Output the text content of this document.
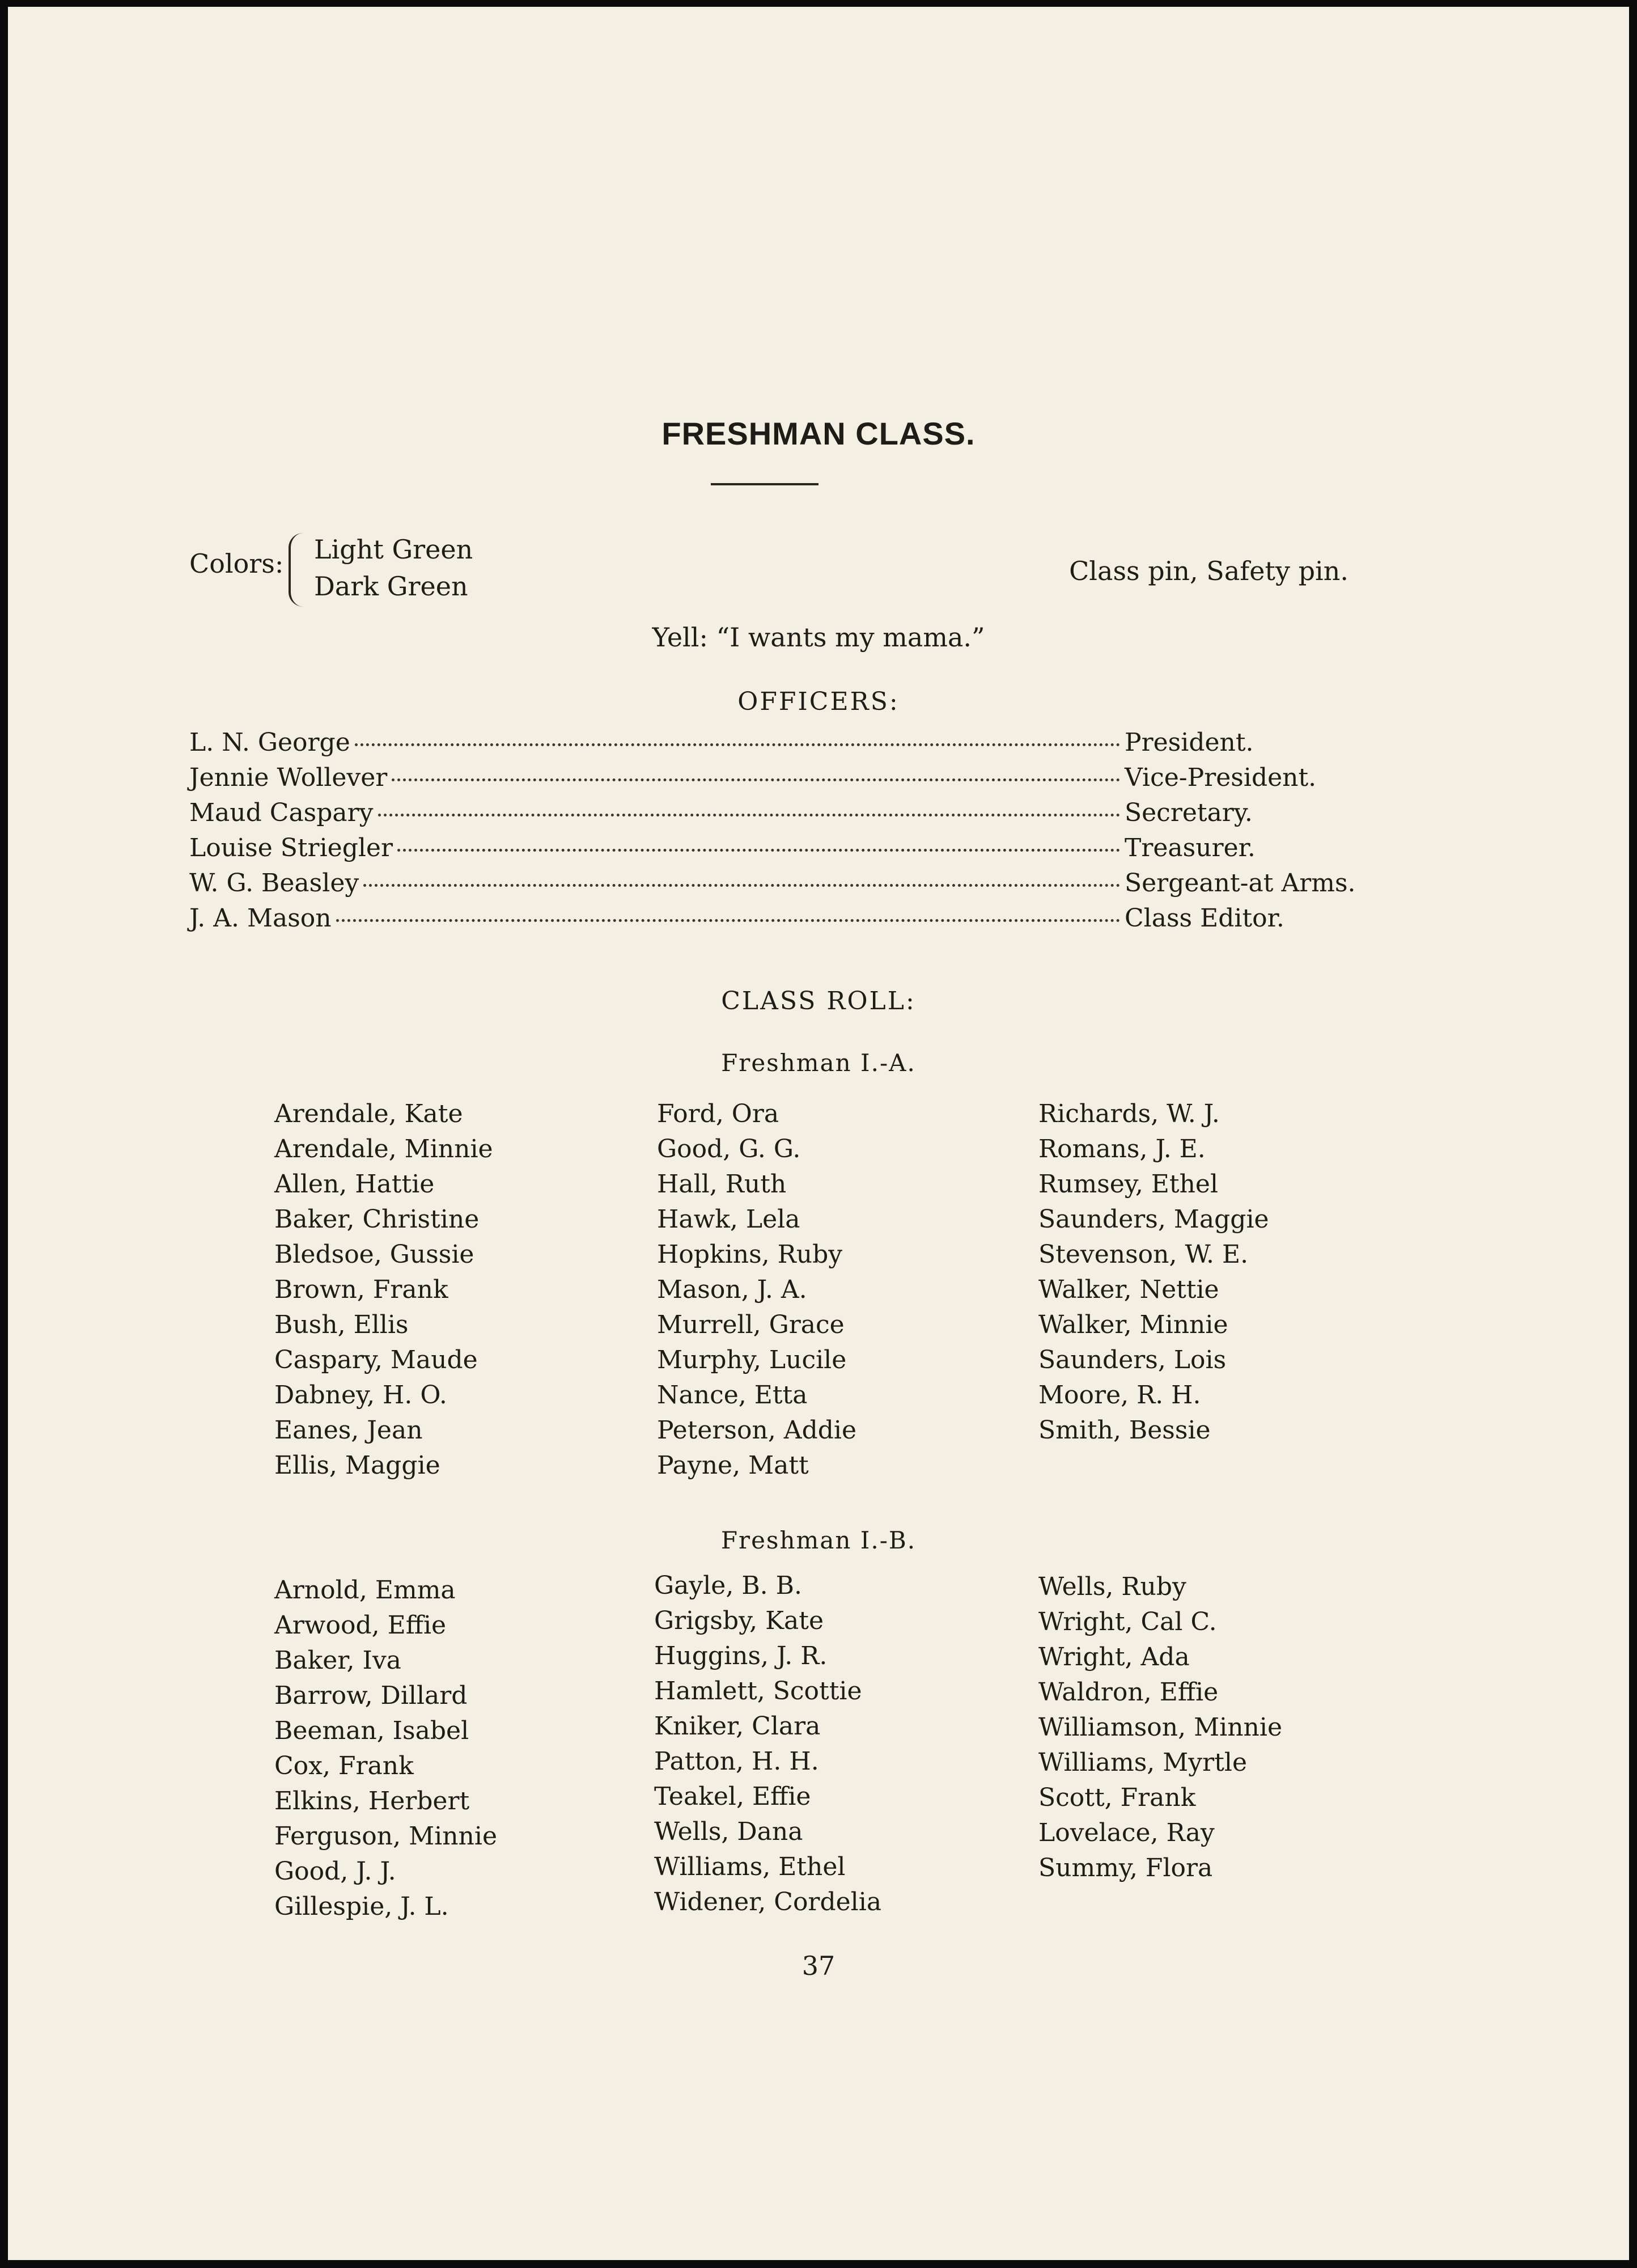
FRESHMAN CLASS.
Colors: Light Green
Dark Green	Class pin, Safety pin.
Yell: “I wants my mama.”
OFFICERS:
L. N. George	President.
Jennie Wollever	Vice-President.
Maud Caspary	Secretary.
Louise Striegler	Treasurer.
W. G. Beasley	Sergeant-at Arms.
J. A. Mason	Class Editor.
CLASS ROLL:
Freshman I.-A.
Arendale, Kate
Arendale, Minnie
Allen, Hattie
Baker, Christine
Bledsoe, Gussie
Brown, Frank
Bush, Ellis
Caspary, Maude
Dabney, H. O.
Eanes, Jean
Ellis, Maggie
Ford, Ora
Good, G. G.
Hall, Ruth
Hawk, Lela
Hopkins, Ruby
Mason, J. A.
Murrell, Grace
Murphy, Lucile
Nance, Etta
Peterson, Addie
Payne, Matt
Richards, W. J.
Romans, J. E.
Rumsey, Ethel
Saunders, Maggie
Stevenson, W. E.
Walker, Nettie
Walker, Minnie
Saunders, Lois
Moore, R. H.
Smith, Bessie
Freshman I.-B.
Arnold, Emma
Arwood, Effie
Baker, Iva
Barrow, Dillard
Beeman, Isabel
Cox, Frank
Elkins, Herbert
Ferguson, Minnie
Good, J. J.
Gillespie, J. L.
Gayle, B. B.
Grigsby, Kate
Huggins, J. R.
Hamlett, Scottie
Kniker, Clara
Patton, H. H.
Teakel, Effie
Wells, Dana
Williams, Ethel
Widener, Cordelia
Wells, Ruby
Wright, Cal C.
Wright, Ada
Waldron, Effie
Williamson, Minnie
Williams, Myrtle
Scott, Frank
Lovelace, Ray
Summy, Flora
37
